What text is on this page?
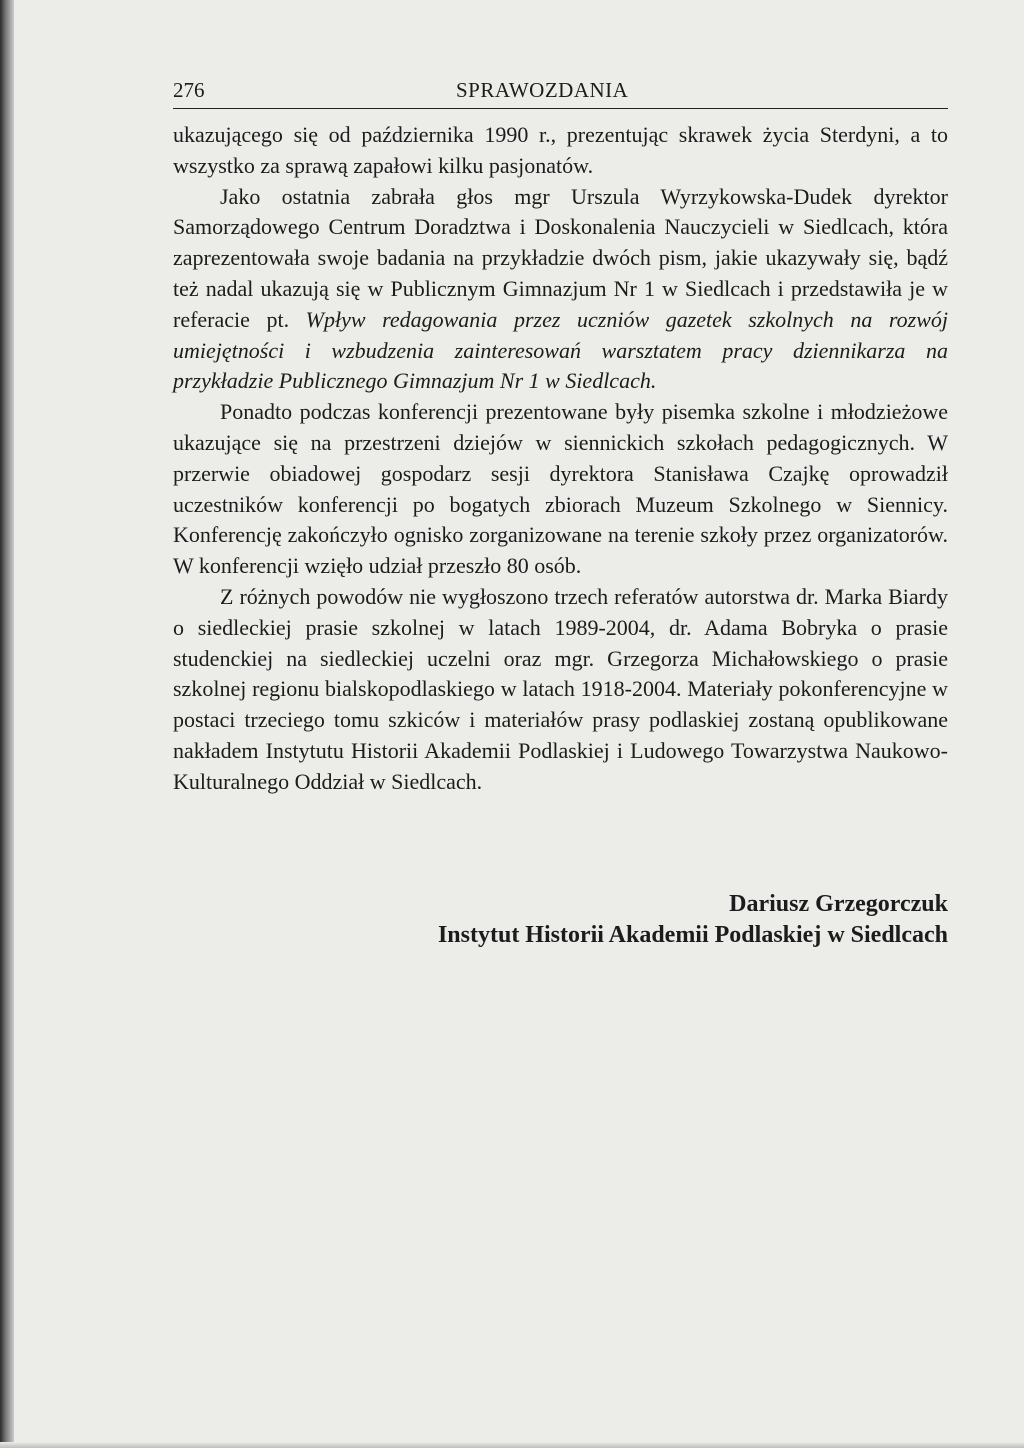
276	SPRAWOZDANIA

ukazującego się od października 1990 r., prezentując skrawek życia Sterdyni, a to wszystko za sprawą zapałowi kilku pasjonatów.

Jako ostatnia zabrała głos mgr Urszula Wyrzykowska-Dudek dyrektor Samorządowego Centrum Doradztwa i Doskonalenia Nauczycieli w Siedlcach, która zaprezentowała swoje badania na przykładzie dwóch pism, jakie ukazywały się, bądź też nadal ukazują się w Publicznym Gimnazjum Nr 1 w Siedlcach i przedstawiła je w referacie pt. Wpływ redagowania przez uczniów gazetek szkolnych na rozwój umiejętności i wzbudzenia zainteresowań warsztatem pracy dziennikarza na przykładzie Publicznego Gimnazjum Nr 1 w Siedlcach.

Ponadto podczas konferencji prezentowane były pisemka szkolne i młodzieżowe ukazujące się na przestrzeni dziejów w siennickich szkołach pedagogicznych. W przerwie obiadowej gospodarz sesji dyrektora Stanisława Czajkę oprowadził uczestników konferencji po bogatych zbiorach Muzeum Szkolnego w Siennicy. Konferencję zakończyło ognisko zorganizowane na terenie szkoły przez organizatorów. W konferencji wzięło udział przeszło 80 osób.

Z różnych powodów nie wygłoszono trzech referatów autorstwa dr. Marka Biardy o siedleckiej prasie szkolnej w latach 1989-2004, dr. Adama Bobryka o prasie studenckiej na siedleckiej uczelni oraz mgr. Grzegorza Michałowskiego o prasie szkolnej regionu bialskopodlaskiego w latach 1918-2004. Materiały pokonferencyjne w postaci trzeciego tomu szkiców i materiałów prasy podlaskiej zostaną opublikowane nakładem Instytutu Historii Akademii Podlaskiej i Ludowego Towarzystwa Naukowo-Kulturalnego Oddział w Siedlcach.

Dariusz Grzegorczuk
Instytut Historii Akademii Podlaskiej w Siedlcach
